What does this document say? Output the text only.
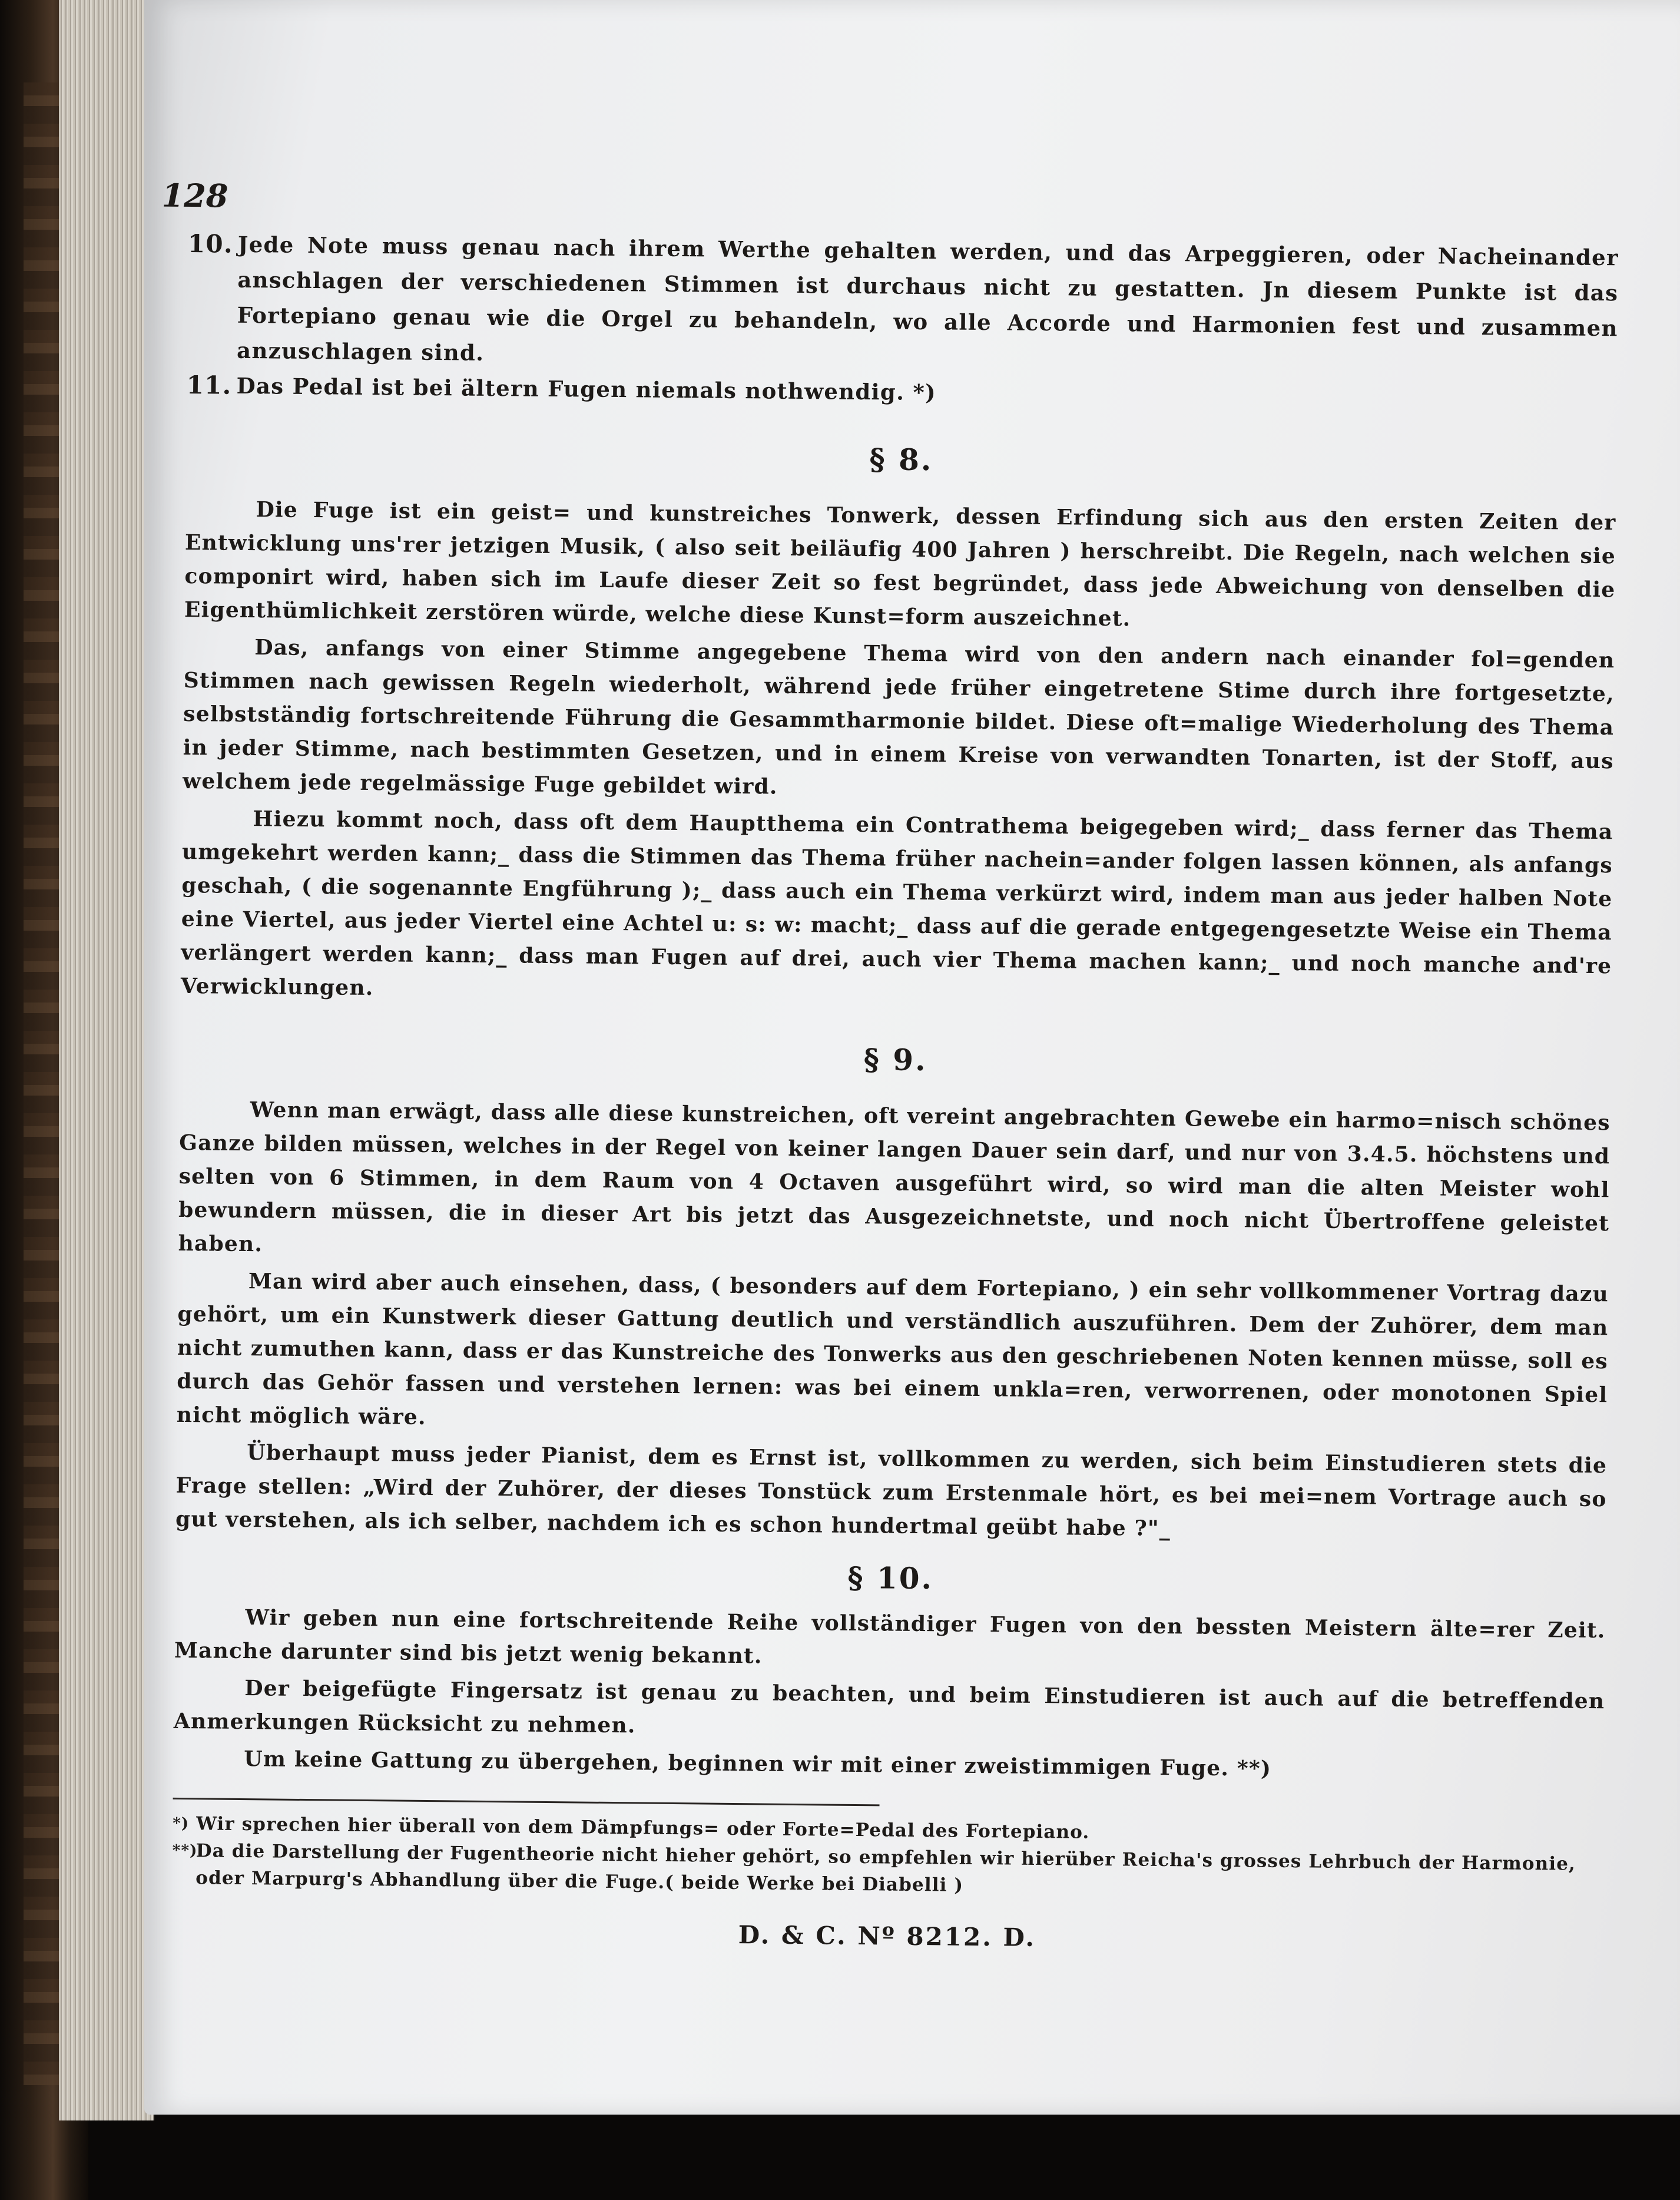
128
10. Jede Note muss genau nach ihrem Werthe gehalten werden, und das Arpeggieren, oder Nacheinander anschlagen der verschiedenen Stimmen ist durchaus nicht zu gestatten. Jn diesem Punkte ist das Fortepiano genau wie die Orgel zu behandeln, wo alle Accorde und Harmonien fest und zusammen anzuschlagen sind.
11. Das Pedal ist bei ältern Fugen niemals nothwendig. *)
§ 8.

Die Fuge ist ein geist= und kunstreiches Tonwerk, dessen Erfindung sich aus den ersten Zeiten der Entwicklung uns'rer jetzigen Musik, ( also seit beiläufig 400 Jahren ) herschreibt. Die Regeln, nach welchen sie componirt wird, haben sich im Laufe dieser Zeit so fest begründet, dass jede Abweichung von denselben die Eigenthümlichkeit zerstören würde, welche diese Kunst=form auszeichnet.

Das, anfangs von einer Stimme angegebene Thema wird von den andern nach einander fol=genden Stimmen nach gewissen Regeln wiederholt, während jede früher eingetretene Stime durch ihre fortgesetzte, selbstständig fortschreitende Führung die Gesammtharmonie bildet. Diese oft=malige Wiederholung des Thema in jeder Stimme, nach bestimmten Gesetzen, und in einem Kreise von verwandten Tonarten, ist der Stoff, aus welchem jede regelmässige Fuge gebildet wird.

Hiezu kommt noch, dass oft dem Hauptthema ein Contrathema beigegeben wird;_ dass ferner das Thema umgekehrt werden kann;_ dass die Stimmen das Thema früher nachein=ander folgen lassen können, als anfangs geschah, ( die sogenannte Engführung );_ dass auch ein Thema verkürzt wird, indem man aus jeder halben Note eine Viertel, aus jeder Viertel eine Achtel u: s: w: macht;_ dass auf die gerade entgegengesetzte Weise ein Thema verlängert werden kann;_ dass man Fugen auf drei, auch vier Thema machen kann;_ und noch manche and're Verwicklungen.

§ 9.

Wenn man erwägt, dass alle diese kunstreichen, oft vereint angebrachten Gewebe ein harmo=nisch schönes Ganze bilden müssen, welches in der Regel von keiner langen Dauer sein darf, und nur von 3.4.5. höchstens und selten von 6 Stimmen, in dem Raum von 4 Octaven ausgeführt wird, so wird man die alten Meister wohl bewundern müssen, die in dieser Art bis jetzt das Ausgezeichnetste, und noch nicht Übertroffene geleistet haben.

Man wird aber auch einsehen, dass, ( besonders auf dem Fortepiano, ) ein sehr vollkommener Vortrag dazu gehört, um ein Kunstwerk dieser Gattung deutlich und verständlich auszuführen. Dem der Zuhörer, dem man nicht zumuthen kann, dass er das Kunstreiche des Tonwerks aus den geschriebenen Noten kennen müsse, soll es durch das Gehör fassen und verstehen lernen: was bei einem unkla=ren, verworrenen, oder monotonen Spiel nicht möglich wäre.

Überhaupt muss jeder Pianist, dem es Ernst ist, vollkommen zu werden, sich beim Einstudieren stets die Frage stellen: „Wird der Zuhörer, der dieses Tonstück zum Erstenmale hört, es bei mei=nem Vortrage auch so gut verstehen, als ich selber, nachdem ich es schon hundertmal geübt habe ?"_

§ 10.

Wir geben nun eine fortschreitende Reihe vollständiger Fugen von den bessten Meistern älte=rer Zeit. Manche darunter sind bis jetzt wenig bekannt.

Der beigefügte Fingersatz ist genau zu beachten, und beim Einstudieren ist auch auf die betreffenden Anmerkungen Rücksicht zu nehmen.

Um keine Gattung zu übergehen, beginnen wir mit einer zweistimmigen Fuge. **)

*) Wir sprechen hier überall von dem Dämpfungs= oder Forte=Pedal des Fortepiano.
**)
Da die Darstellung der Fugentheorie nicht hieher gehört, so empfehlen wir hierüber Reicha's grosses Lehrbuch der Harmonie, oder Marpurg's Abhandlung über die Fuge.( beide Werke bei Diabelli )
D. & C. Nº 8212. D.
